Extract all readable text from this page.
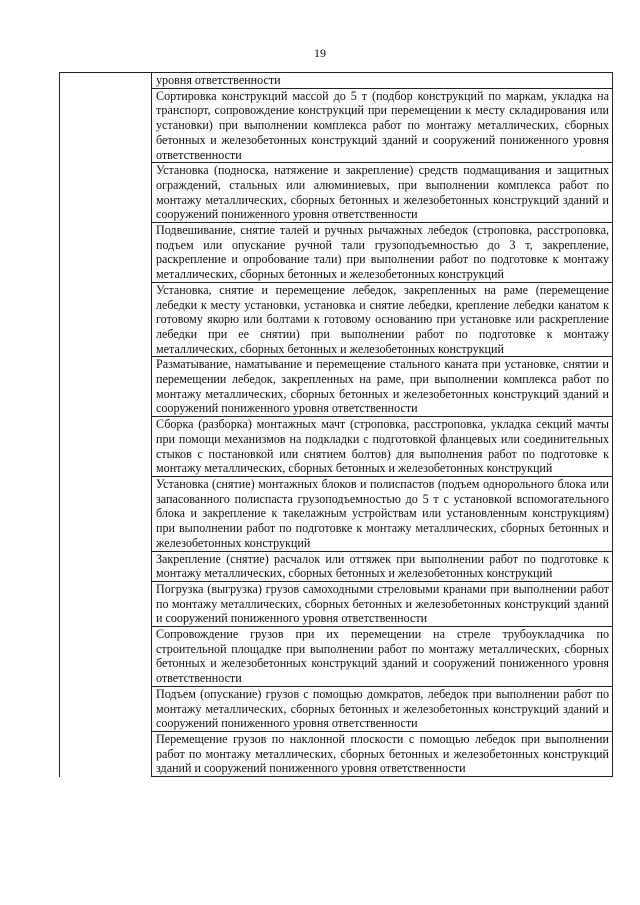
19
	уровня ответственности
Сортировка конструкций массой до 5 т (подбор конструкций по маркам, укладка на транспорт, сопровождение конструкций при перемещении к месту складирования или установки) при выполнении комплекса работ по монтажу металлических, сборных бетонных и железобетонных конструкций зданий и сооружений пониженного уровня ответственности
Установка (подноска, натяжение и закрепление) средств подмащивания и защитных ограждений, стальных или алюминиевых, при выполнении комплекса работ по монтажу металлических, сборных бетонных и железобетонных конструкций зданий и сооружений пониженного уровня ответственности
Подвешивание, снятие талей и ручных рычажных лебедок (строповка, расстроповка, подъем или опускание ручной тали грузоподъемностью до 3 т, закрепление, раскрепление и опробование тали) при выполнении работ по подготовке к монтажу металлических, сборных бетонных и железобетонных конструкций
Установка, снятие и перемещение лебедок, закрепленных на раме (перемещение лебедки к месту установки, установка и снятие лебедки, крепление лебедки канатом к готовому якорю или болтами к готовому основанию при установке или раскрепление лебедки при ее снятии) при выполнении работ по подготовке к монтажу металлических, сборных бетонных и железобетонных конструкций
Разматывание, наматывание и перемещение стального каната при установке, снятии и перемещении лебедок, закрепленных на раме, при выполнении комплекса работ по монтажу металлических, сборных бетонных и железобетонных конструкций зданий и сооружений пониженного уровня ответственности
Сборка (разборка) монтажных мачт (строповка, расстроповка, укладка секций мачты при помощи механизмов на подкладки с подготовкой фланцевых или соединительных стыков с постановкой или снятием болтов) для выполнения работ по подготовке к монтажу металлических, сборных бетонных и железобетонных конструкций
Установка (снятие) монтажных блоков и полиспастов (подъем однорольного блока или запасованного полиспаста грузоподъемностью до 5 т с установкой вспомогательного блока и закрепление к такелажным устройствам или установленным конструкциям) при выполнении работ по подготовке к монтажу металлических, сборных бетонных и железобетонных конструкций
Закрепление (снятие) расчалок или оттяжек при выполнении работ по подготовке к монтажу металлических, сборных бетонных и железобетонных конструкций
Погрузка (выгрузка) грузов самоходными стреловыми кранами при выполнении работ по монтажу металлических, сборных бетонных и железобетонных конструкций зданий и сооружений пониженного уровня ответственности
Сопровождение грузов при их перемещении на стреле трубоукладчика по строительной площадке при выполнении работ по монтажу металлических, сборных бетонных и железобетонных конструкций зданий и сооружений пониженного уровня ответственности
Подъем (опускание) грузов с помощью домкратов, лебедок при выполнении работ по монтажу металлических, сборных бетонных и железобетонных конструкций зданий и сооружений пониженного уровня ответственности
Перемещение грузов по наклонной плоскости с помощью лебедок при выполнении работ по монтажу металлических, сборных бетонных и железобетонных конструкций зданий и сооружений пониженного уровня ответственности
